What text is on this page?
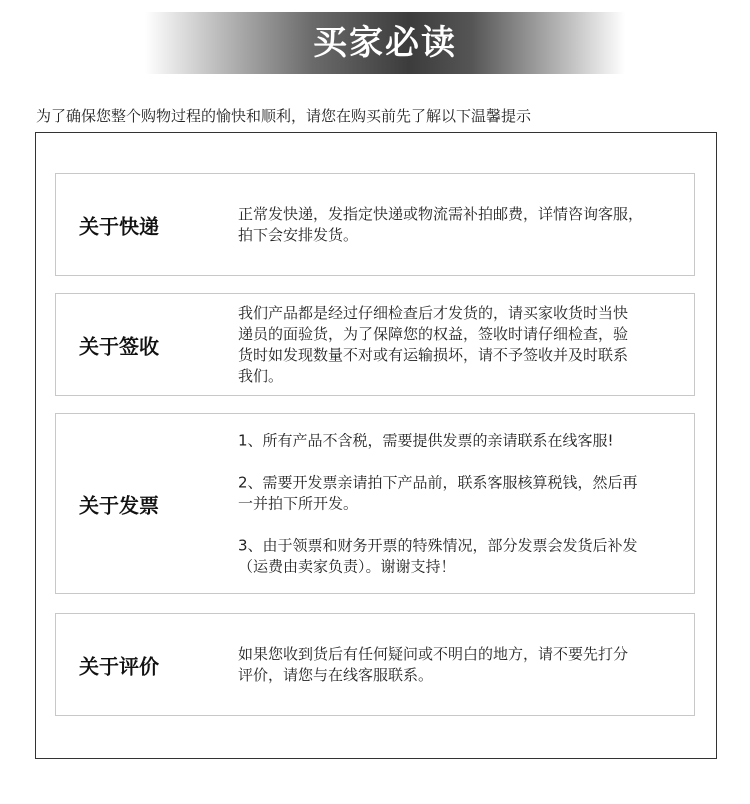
买家必读
为了确保您整个购物过程的愉快和顺利，请您在购买前先了解以下温馨提示
关于快递
正常发快递，发指定快递或物流需补拍邮费，详情咨询客服，
拍下会安排发货。
关于签收
我们产品都是经过仔细检查后才发货的，请买家收货时当快
递员的面验货，为了保障您的权益，签收时请仔细检查，验
货时如发现数量不对或有运输损坏，请不予签收并及时联系
我们。
关于发票
1、所有产品不含税，需要提供发票的亲请联系在线客服!
2、需要开发票亲请拍下产品前，联系客服核算税钱，然后再
一并拍下所开发。
3、由于领票和财务开票的特殊情况，部分发票会发货后补发
（运费由卖家负责）。谢谢支持！
关于评价
如果您收到货后有任何疑问或不明白的地方，请不要先打分
评价，请您与在线客服联系。
